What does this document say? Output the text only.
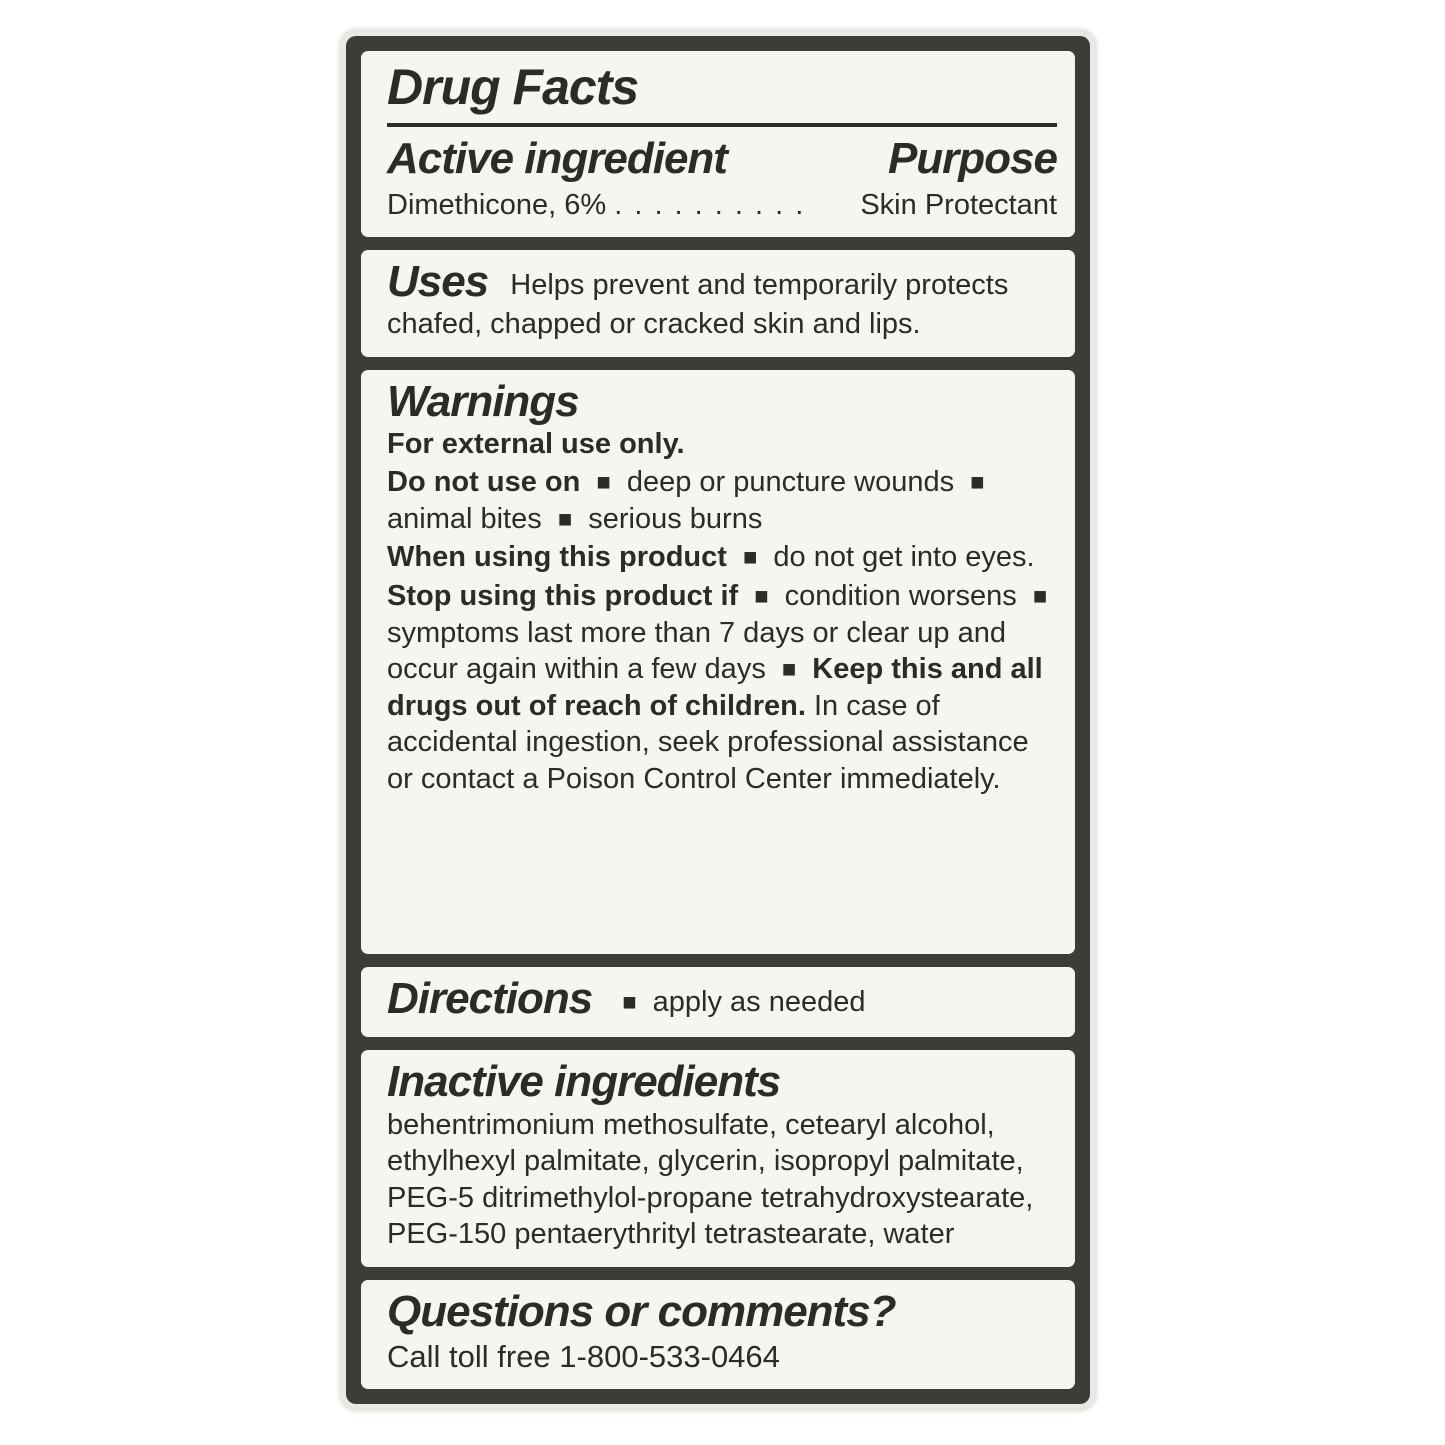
Drug Facts
Active ingredient	Purpose
Dimethicone, 6% . . . . . . . . . .	Skin Protectant

Uses Helps prevent and temporarily protects chafed, chapped or cracked skin and lips.

Warnings

For external use only.

Do not use on ■ deep or puncture wounds ■ animal bites ■ serious burns

When using this product ■ do not get into eyes.

Stop using this product if ■ condition worsens ■ symptoms last more than 7 days or clear up and occur again within a few days ■ Keep this and all drugs out of reach of children. In case of accidental ingestion, seek professional assistance or contact a Poison Control Center immediately.

Directions ■ apply as needed

Inactive ingredients

behentrimonium methosulfate, cetearyl alcohol, ethylhexyl palmitate, glycerin, isopropyl palmitate, PEG-5 ditrimethylol-propane tetrahydroxystearate, PEG-150 pentaerythrityl tetrastearate, water

Questions or comments?
Call toll free 1-800-533-0464
